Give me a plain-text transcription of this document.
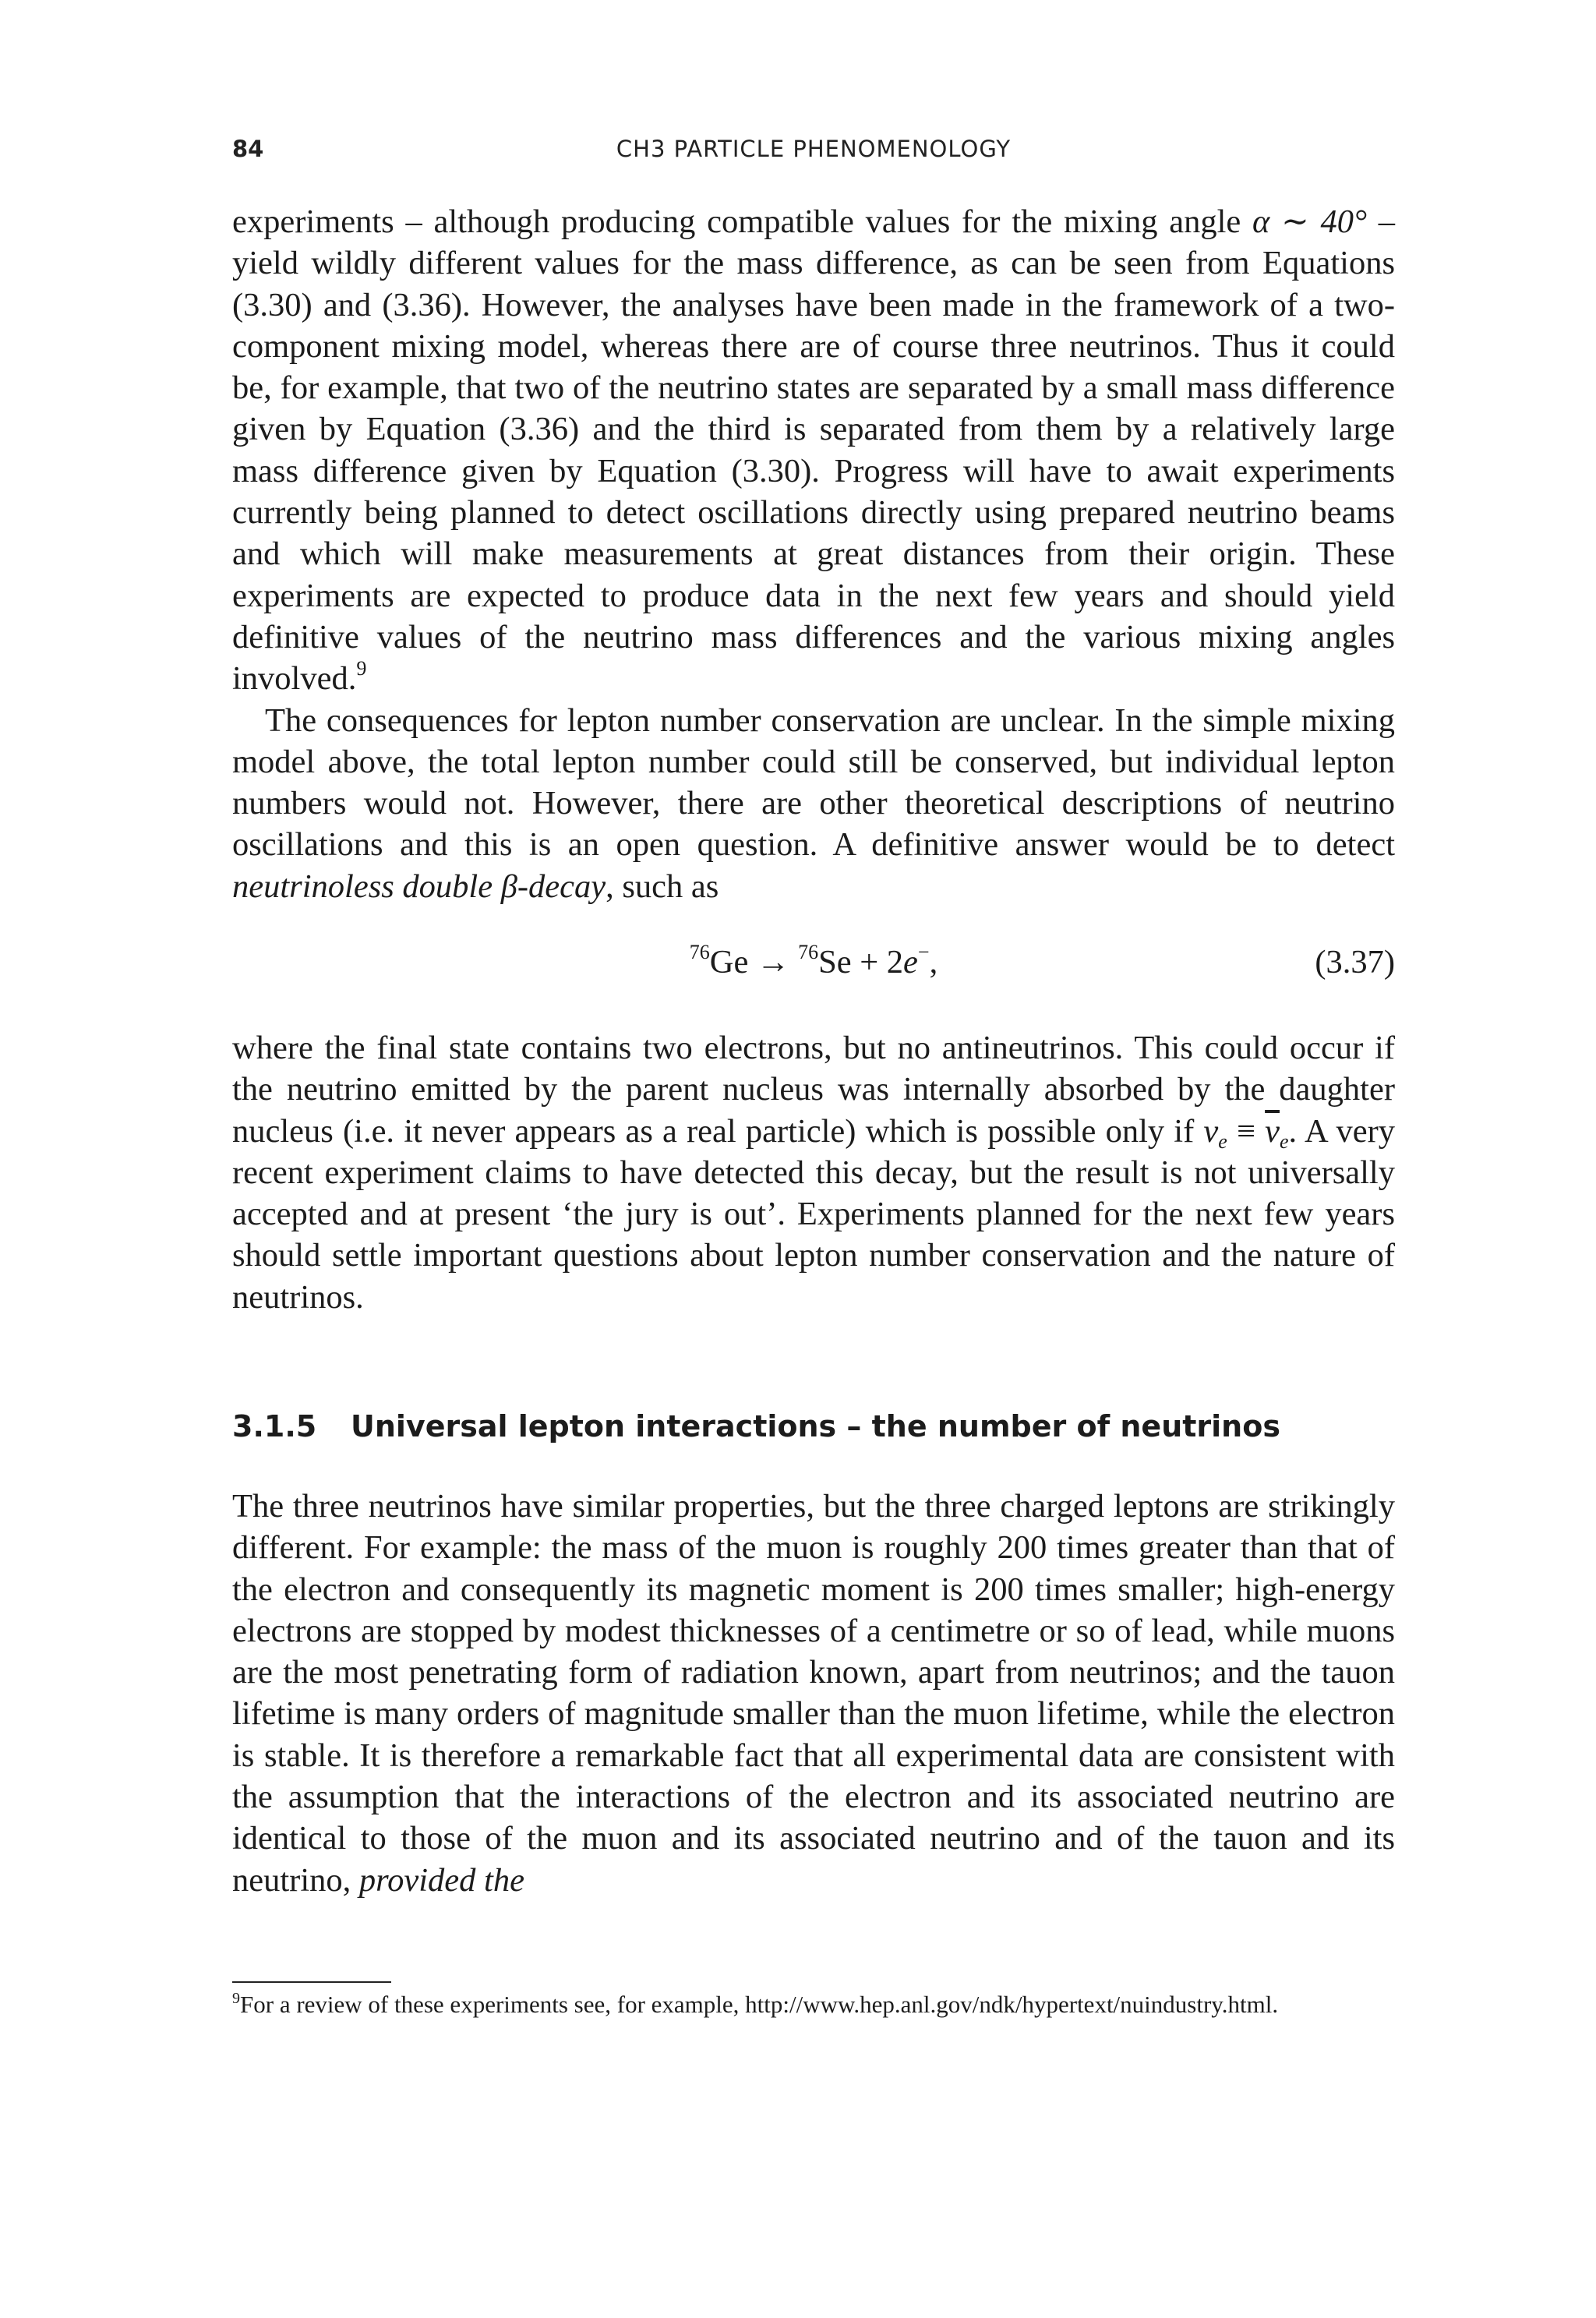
84	CH3 PARTICLE PHENOMENOLOGY

experiments – although producing compatible values for the mixing angle α ∼ 40° – yield wildly different values for the mass difference, as can be seen from Equations (3.30) and (3.36). However, the analyses have been made in the framework of a two-component mixing model, whereas there are of course three neutrinos. Thus it could be, for example, that two of the neutrino states are separated by a small mass difference given by Equation (3.36) and the third is separated from them by a relatively large mass difference given by Equation (3.30). Progress will have to await experiments currently being planned to detect oscillations directly using prepared neutrino beams and which will make measurements at great distances from their origin. These experiments are expected to produce data in the next few years and should yield definitive values of the neutrino mass differences and the various mixing angles involved.$^9$

The consequences for lepton number conservation are unclear. In the simple mixing model above, the total lepton number could still be conserved, but individual lepton numbers would not. However, there are other theoretical descriptions of neutrino oscillations and this is an open question. A definitive answer would be to detect neutrinoless double β-decay, such as

$^{76}$Ge → $^{76}$Se + 2e−,	(3.37)

where the final state contains two electrons, but no antineutrinos. This could occur if the neutrino emitted by the parent nucleus was internally absorbed by the daughter nucleus (i.e. it never appears as a real particle) which is possible only if $\nu_e \equiv \overline{\nu}_e$. A very recent experiment claims to have detected this decay, but the result is not universally accepted and at present ‘the jury is out’. Experiments planned for the next few years should settle important questions about lepton number conservation and the nature of neutrinos.

3.1.5 Universal lepton interactions – the number of neutrinos

The three neutrinos have similar properties, but the three charged leptons are strikingly different. For example: the mass of the muon is roughly 200 times greater than that of the electron and consequently its magnetic moment is 200 times smaller; high-energy electrons are stopped by modest thicknesses of a centimetre or so of lead, while muons are the most penetrating form of radiation known, apart from neutrinos; and the tauon lifetime is many orders of magnitude smaller than the muon lifetime, while the electron is stable. It is therefore a remarkable fact that all experimental data are consistent with the assumption that the interactions of the electron and its associated neutrino are identical to those of the muon and its associated neutrino and of the tauon and its neutrino, provided the

$^9$For a review of these experiments see, for example, http://www.hep.anl.gov/ndk/hypertext/nuindustry.html.
